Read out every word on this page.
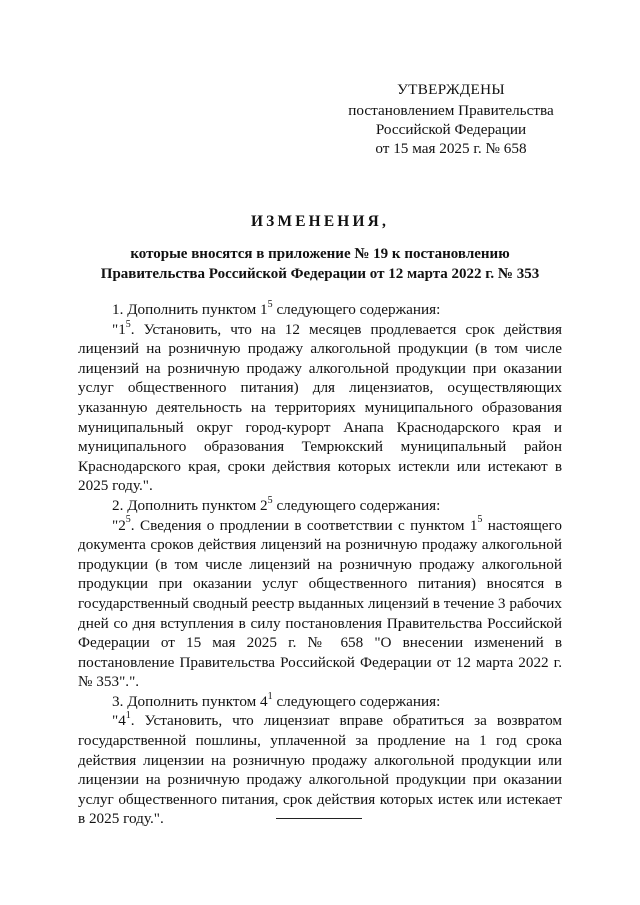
УТВЕРЖДЕНЫ
постановлением Правительства
Российской Федерации
от 15 мая 2025 г. № 658
ИЗМЕНЕНИЯ,
которые вносятся в приложение № 19 к постановлению
Правительства Российской Федерации от 12 марта 2022 г. № 353

1. Дополнить пунктом $1^5$ следующего содержания:

"$1^5$. Установить, что на 12 месяцев продлевается срок действия лицензий на розничную продажу алкогольной продукции (в том числе лицензий на розничную продажу алкогольной продукции при оказании услуг общественного питания) для лицензиатов, осуществляющих указанную деятельность на территориях муниципального образования муниципальный округ город-курорт Анапа Краснодарского края и муниципального образования Темрюкский муниципальный район Краснодарского края, сроки действия которых истекли или истекают в 2025 году.".

2. Дополнить пунктом $2^5$ следующего содержания:

"$2^5$. Сведения о продлении в соответствии с пунктом $1^5$ настоящего документа сроков действия лицензий на розничную продажу алкогольной продукции (в том числе лицензий на розничную продажу алкогольной продукции при оказании услуг общественного питания) вносятся в государственный сводный реестр выданных лицензий в течение 3 рабочих дней со дня вступления в силу постановления Правительства Российской Федерации от 15 мая 2025 г. № 658 "О внесении изменений в постановление Правительства Российской Федерации от 12 марта 2022 г. № 353".".

3. Дополнить пунктом $4^1$ следующего содержания:

"$4^1$. Установить, что лицензиат вправе обратиться за возвратом государственной пошлины, уплаченной за продление на 1 год срока действия лицензии на розничную продажу алкогольной продукции или лицензии на розничную продажу алкогольной продукции при оказании услуг общественного питания, срок действия которых истек или истекает в 2025 году.".
